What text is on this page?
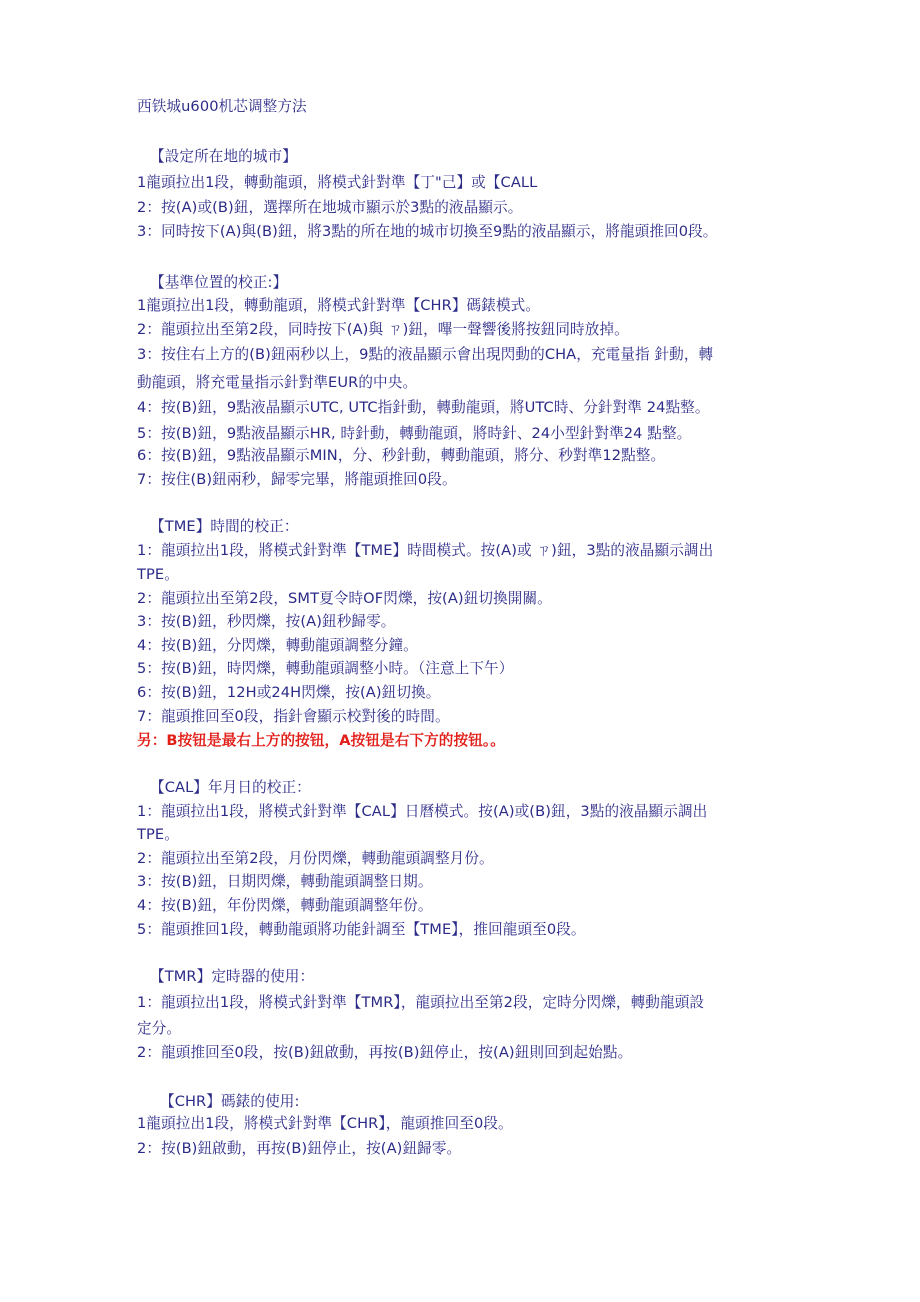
西铁城u600机芯调整方法
【設定所在地的城市】
1龍頭拉出1段，轉動龍頭，將模式針對準【丁"己】或【CALL
2：按(A)或(B)鈕，選擇所在地城市顯示於3點的液晶顯示。
3：同時按下(A)與(B)鈕，將3點的所在地的城市切換至9點的液晶顯示，將龍頭推回0段。
【基準位置的校正:】
1龍頭拉出1段，轉動龍頭，將模式針對準【CHR】碼錶模式。
2：龍頭拉出至第2段，同時按下(A)與 ㄗ)鈕，嗶一聲響後將按鈕同時放掉。
3：按住右上方的(B)鈕兩秒以上，9點的液晶顯示會出現閃動的CHA，充電量指 針動，轉
動龍頭，將充電量指示針對準EUR的中央。
4：按(B)鈕，9點液晶顯示UTC, UTC指針動，轉動龍頭，將UTC時、分針對準 24點整。
5：按(B)鈕，9點液晶顯示HR, 時針動，轉動龍頭，將時針、24小型針對準24 點整。
6：按(B)鈕，9點液晶顯示MIN，分、秒針動，轉動龍頭，將分、秒對準12點整。
7：按住(B)鈕兩秒，歸零完畢，將龍頭推回0段。
【TME】時間的校正：
1：龍頭拉出1段，將模式針對準【TME】時間模式。按(A)或 ㄗ)鈕，3點的液晶顯示調出
TPE。
2：龍頭拉出至第2段，SMT夏令時OF閃爍，按(A)鈕切換開關。
3：按(B)鈕，秒閃爍，按(A)鈕秒歸零。
4：按(B)鈕，分閃爍，轉動龍頭調整分鐘。
5：按(B)鈕，時閃爍，轉動龍頭調整小時。（注意上下午）
6：按(B)鈕，12H或24H閃爍，按(A)鈕切換。
7：龍頭推回至0段，指針會顯示校對後的時間。
另：B按钮是最右上方的按钮，A按钮是右下方的按钮。。
【CAL】年月日的校正：
1：龍頭拉出1段，將模式針對準【CAL】日曆模式。按(A)或(B)鈕，3點的液晶顯示調出
TPE。
2：龍頭拉出至第2段，月份閃爍，轉動龍頭調整月份。
3：按(B)鈕，日期閃爍，轉動龍頭調整日期。
4：按(B)鈕，年份閃爍，轉動龍頭調整年份。
5：龍頭推回1段，轉動龍頭將功能針調至【TME】，推回龍頭至0段。
【TMR】定時器的使用：
1：龍頭拉出1段，將模式針對準【TMR】，龍頭拉出至第2段，定時分閃爍，轉動龍頭設
定分。
2：龍頭推回至0段，按(B)鈕啟動，再按(B)鈕停止，按(A)鈕則回到起始點。
【CHR】碼錶的使用:
1龍頭拉出1段，將模式針對準【CHR】，龍頭推回至0段。
2：按(B)鈕啟動，再按(B)鈕停止，按(A)鈕歸零。
